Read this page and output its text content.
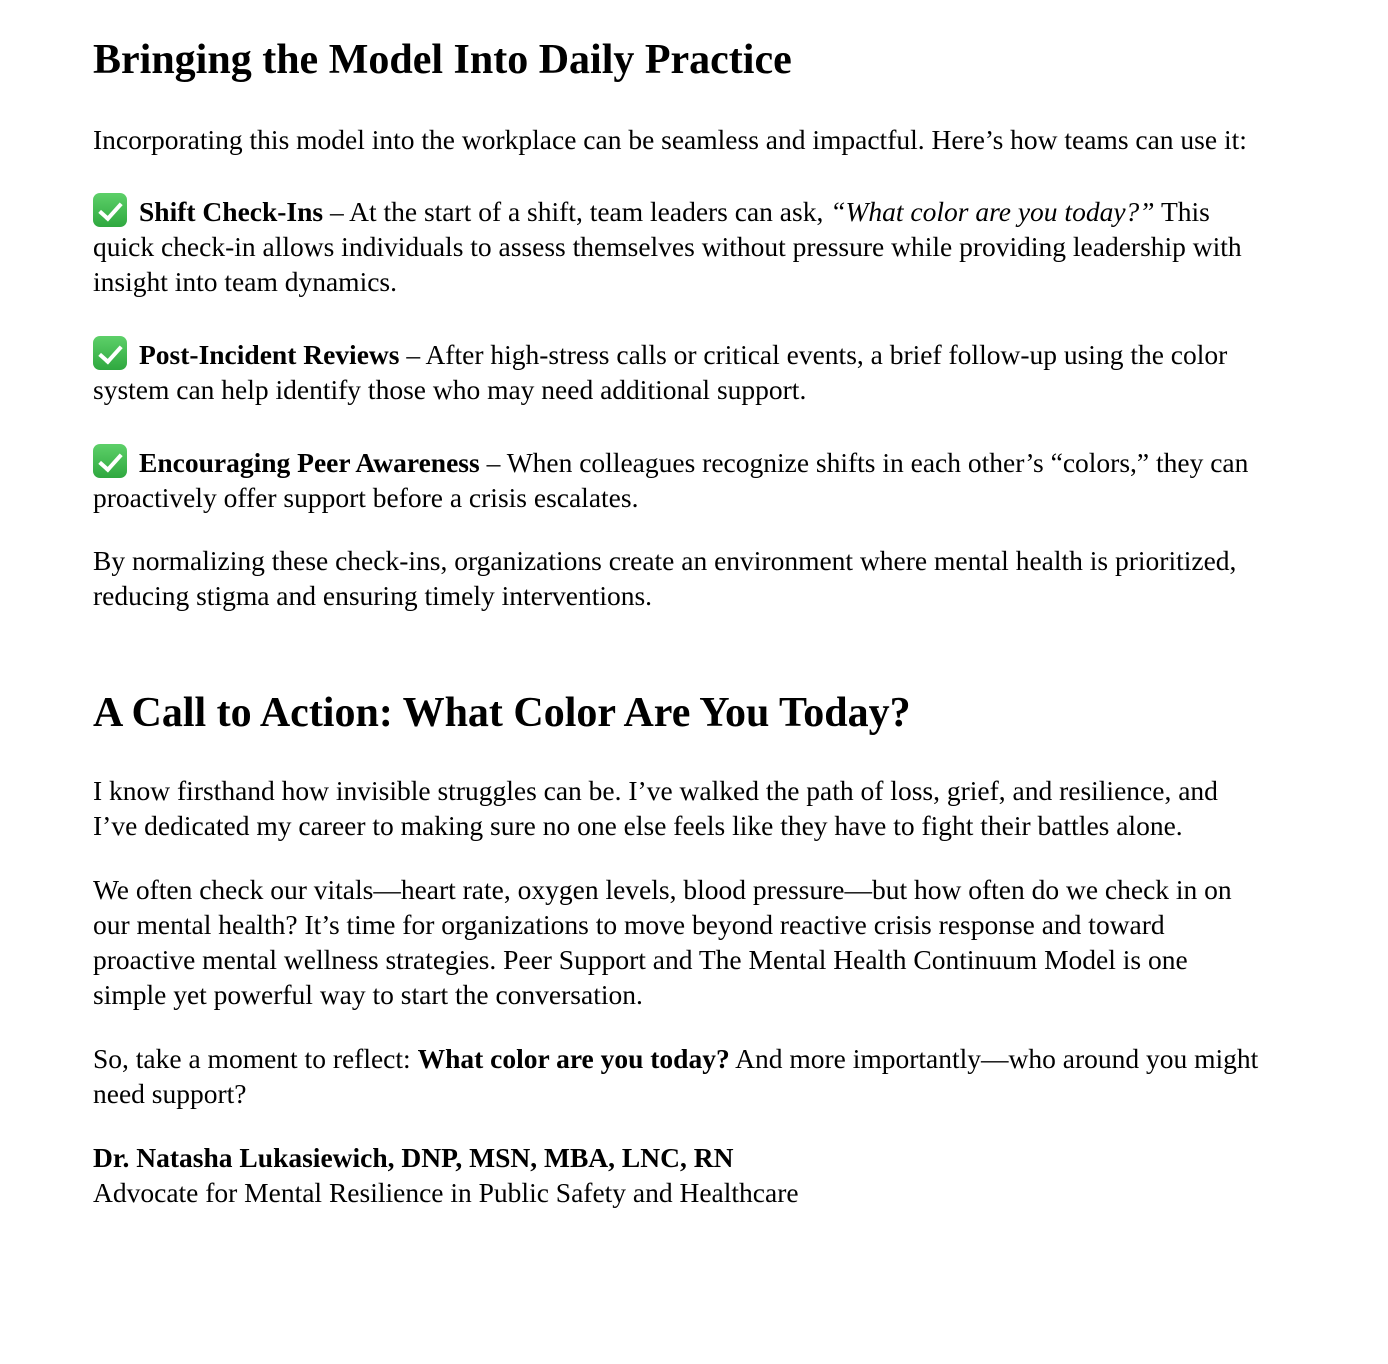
Bringing the Model Into Daily Practice

Incorporating this model into the workplace can be seamless and impactful. Here’s how teams can use it:

Shift Check-Ins – At the start of a shift, team leaders can ask, “What color are you today?” This quick check-in allows individuals to assess themselves without pressure while providing leadership with insight into team dynamics.

Post-Incident Reviews – After high-stress calls or critical events, a brief follow-up using the color system can help identify those who may need additional support.

Encouraging Peer Awareness – When colleagues recognize shifts in each other’s “colors,” they can proactively offer support before a crisis escalates.

By normalizing these check-ins, organizations create an environment where mental health is prioritized, reducing stigma and ensuring timely interventions.

A Call to Action: What Color Are You Today?

I know firsthand how invisible struggles can be. I’ve walked the path of loss, grief, and resilience, and I’ve dedicated my career to making sure no one else feels like they have to fight their battles alone.

We often check our vitals—heart rate, oxygen levels, blood pressure—but how often do we check in on our mental health? It’s time for organizations to move beyond reactive crisis response and toward proactive mental wellness strategies. Peer Support and The Mental Health Continuum Model is one simple yet powerful way to start the conversation.

So, take a moment to reflect: What color are you today? And more importantly—who around you might need support?

Dr. Natasha Lukasiewich, DNP, MSN, MBA, LNC, RN
Advocate for Mental Resilience in Public Safety and Healthcare
